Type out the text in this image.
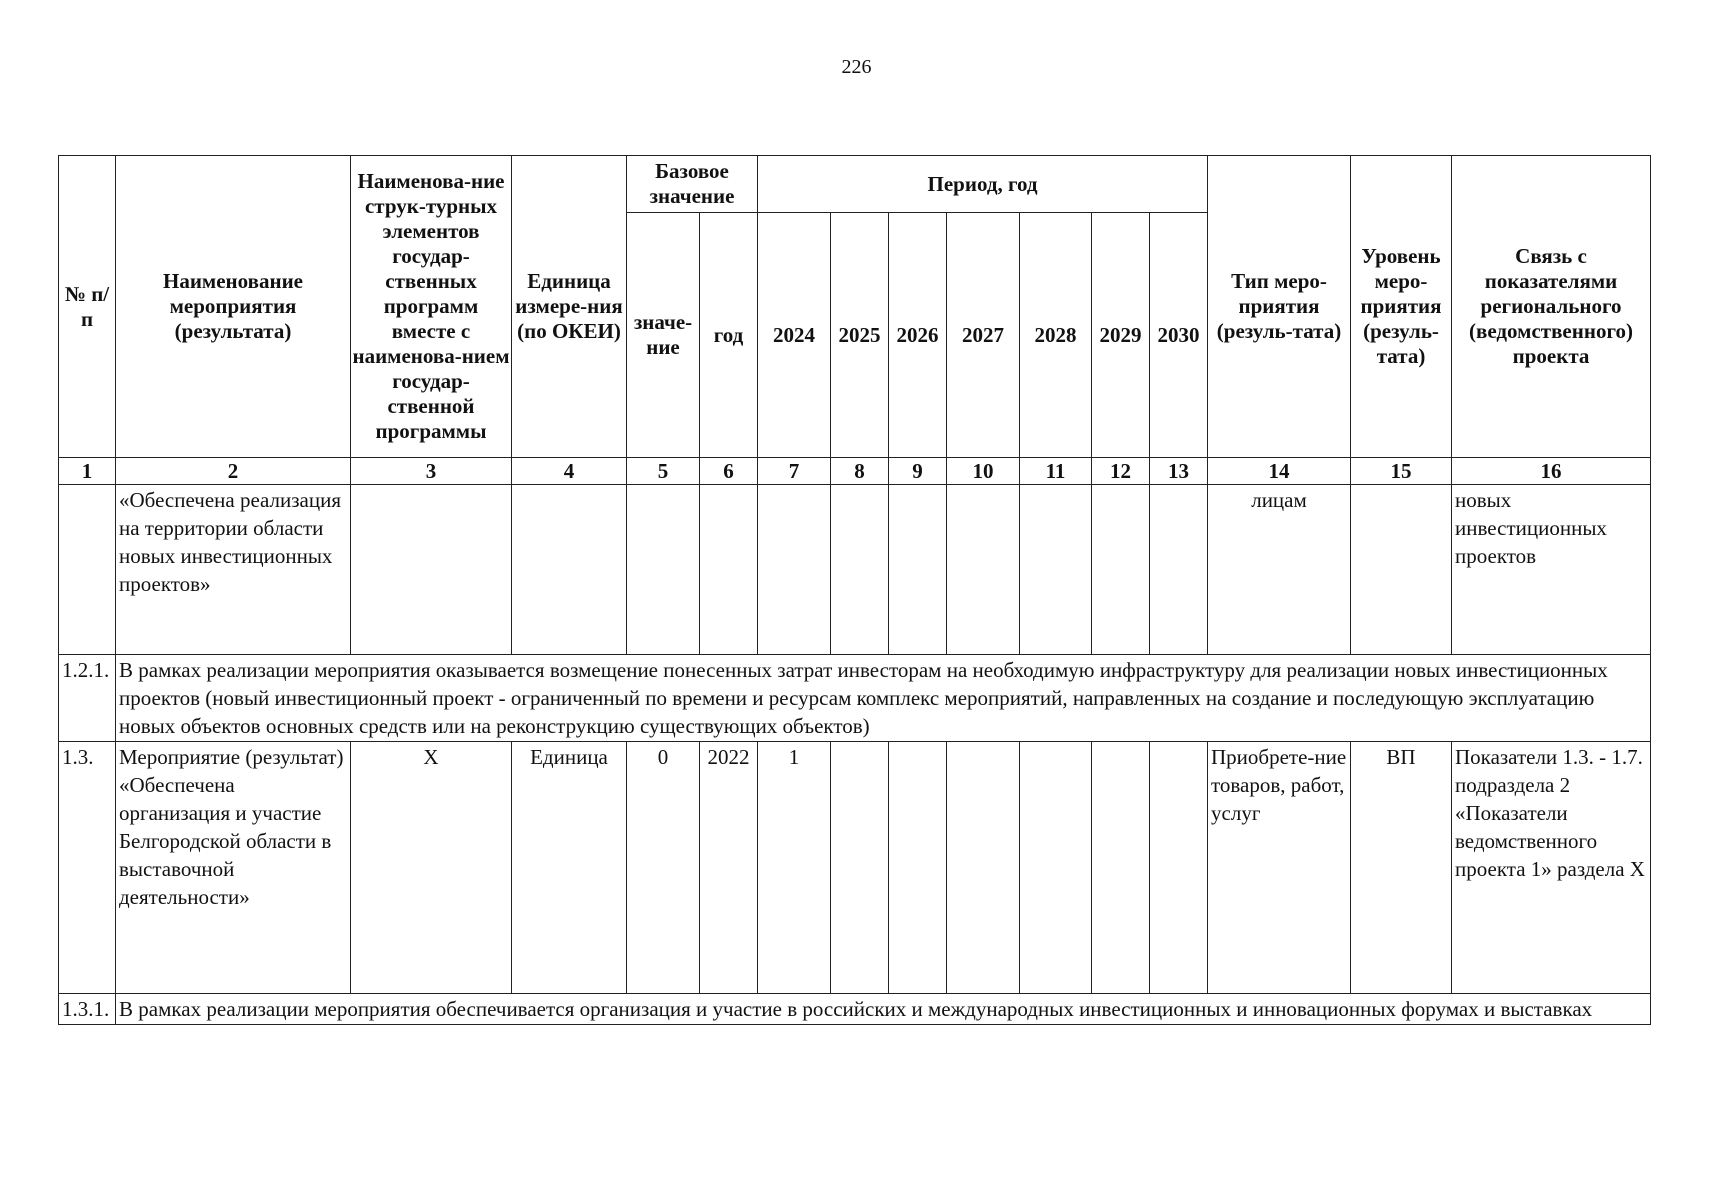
226
№ п/п	Наименование мероприятия (результата)	Наименова-ние струк-турных элементов государ-ственных программ вместе с наименова-нием государ-ственной программы	Единица измере-ния (по ОКЕИ)	Базовое значение		Период, год							Тип меро-приятия (резуль-тата)	Уровень меро-приятия (резуль-тата)	Связь с показателями регионального (ведомственного) проекта
				значе-ние	год	2024	2025	2026	2027	2028	2029	2030			
1	2	3	4	5	6	7	8	9	10	11	12	13	14	15	16
	«Обеспечена реализация на территории области новых инвестиционных проектов»												лицам		новых инвестиционных проектов
1.2.1.	В рамках реализации мероприятия оказывается возмещение понесенных затрат инвесторам на необходимую инфраструктуру для реализации новых инвестиционных проектов (новый инвестиционный проект - ограниченный по времени и ресурсам комплекс мероприятий, направленных на создание и последующую эксплуатацию новых объектов основных средств или на реконструкцию существующих объектов)														
1.3.	Мероприятие (результат) «Обеспечена организация и участие Белгородской области в выставочной деятельности»	X	Единица	0	2022	1							Приобрете-ние товаров, работ, услуг	ВП	Показатели 1.3. - 1.7. подраздела 2 «Показатели ведомственного проекта 1» раздела X
1.3.1.	В рамках реализации мероприятия обеспечивается организация и участие в российских и международных инвестиционных и инновационных форумах и выставках														
